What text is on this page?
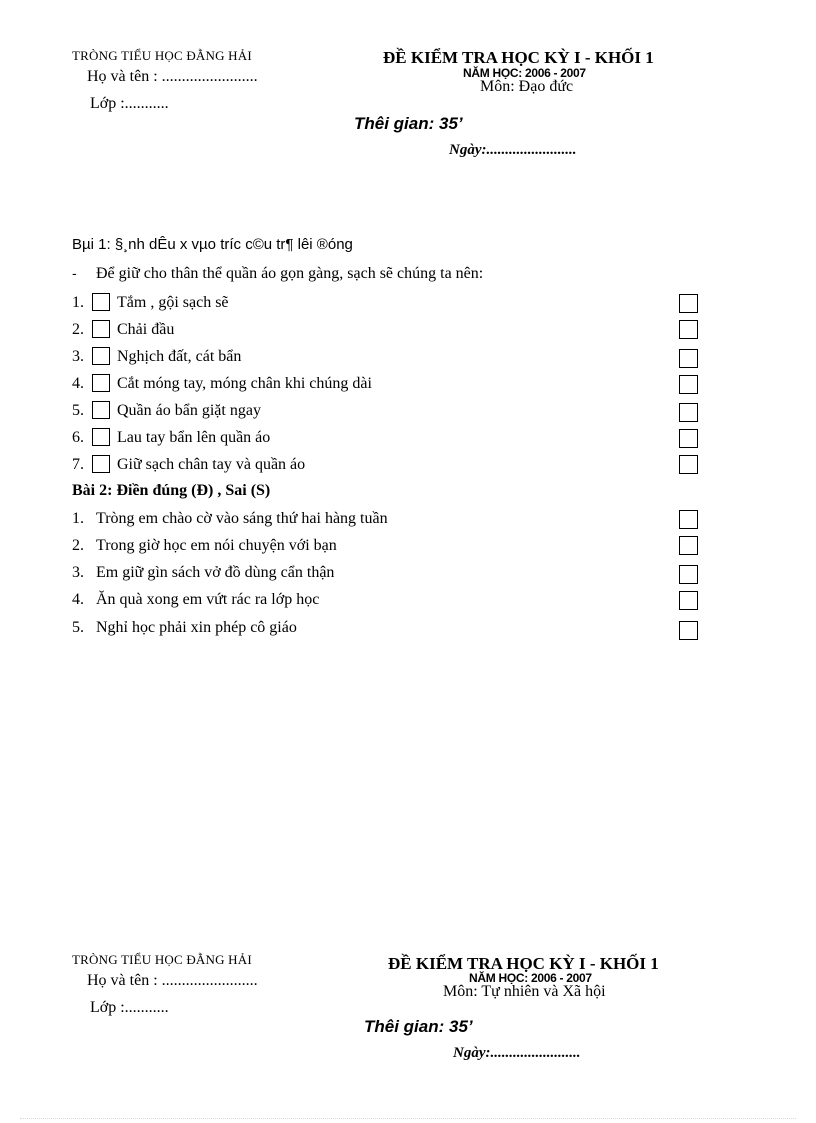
TRÒNG TIỂU HỌC ĐẰNG HẢI
Họ và tên : ........................
Lớp :...........
ĐỀ KIỂM TRA HỌC KỲ I - KHỐI 1
NĂM HỌC: 2006 - 2007
Môn: Đạo đức
Thêi gian: 35’
Ngày:........................
Bµi 1: §¸nh dÊu x vµo tríc c©u tr¶ lêi ®óng
- Để giữ cho thân thể quần áo gọn gàng, sạch sẽ chúng ta nên:
1. Tắm , gội sạch sẽ
2. Chải đầu
3. Nghịch đất, cát bẩn
4. Cắt móng tay, móng chân khi chúng dài
5. Quần áo bẩn giặt ngay
6. Lau tay bẩn lên quần áo
7. Giữ sạch chân tay và quần áo
Bài 2: Điền đúng (Đ) , Sai (S)
1. Tròng em chào cờ vào sáng thứ hai hàng tuần
2. Trong giờ học em nói chuyện với bạn
3. Em giữ gìn sách vở đồ dùng cẩn thận
4. Ăn quà xong em vứt rác ra lớp học
5. Nghỉ học phải xin phép cô giáo
TRÒNG TIỂU HỌC ĐẰNG HẢI
Họ và tên : ........................
Lớp :...........
ĐỀ KIỂM TRA HỌC KỲ I - KHỐI 1
NĂM HỌC: 2006 - 2007
Môn: Tự nhiên và Xã hội
Thêi gian: 35’
Ngày:........................
